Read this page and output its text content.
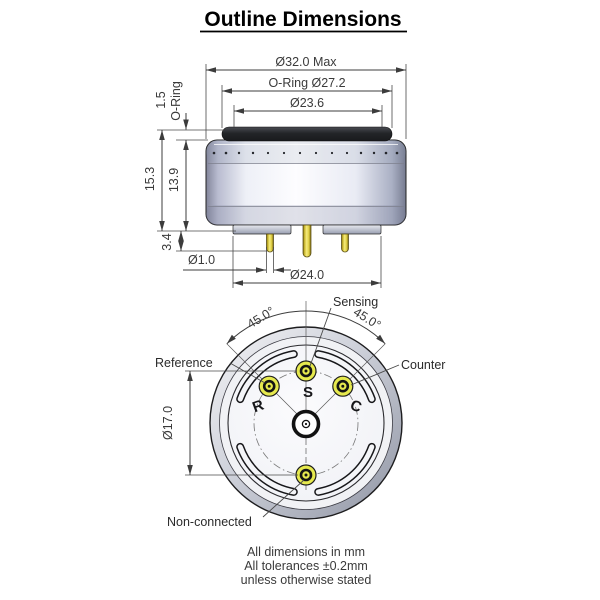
Outline Dimensions
Ø32.0 Max
O-Ring Ø27.2
Ø23.6
1.5 O-Ring
15.3 13.9
3.4
Ø1.0
Ø24.0
45.0°	45.0°
R
S
C
Sensing
Reference	Counter
Non-connected
Ø17.0
All dimensions in mm
All tolerances ±0.2mm
unless otherwise stated
